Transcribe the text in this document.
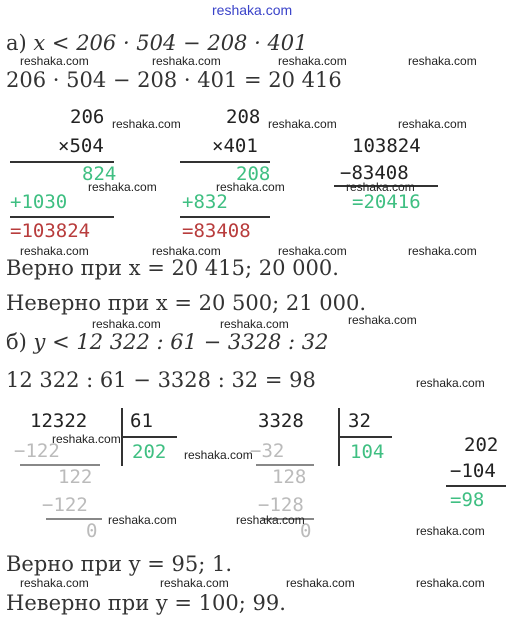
reshaka.com
а) x < 206 · 504 − 208 · 401
reshaka.com	reshaka.com	reshaka.com	reshaka.com
206 · 504 − 208 · 401 = 20 416
206
×504
824
+1030
=103824
reshaka.com
reshaka.com
208
×401
208
+832
=83408
reshaka.com
reshaka.com
103824
−83408
=20416
reshaka.com
reshaka.com
reshaka.com	reshaka.com	reshaka.com	reshaka.com
Верно при x = 20 415; 20 000.
Неверно при x = 20 500; 21 000.
reshaka.com	reshaka.com	reshaka.com
б) y < 12 322 : 61 − 3328 : 32
12 322 : 61 − 3328 : 32 = 98	reshaka.com
12322 61
202
−122
122
−122
0
reshaka.com
reshaka.com
reshaka.com
3328 32
104
−32
128
−128
0
reshaka.com
202
−104
=98
reshaka.com
Верно при y = 95; 1.
reshaka.com	reshaka.com	reshaka.com	reshaka.com
Неверно при y = 100; 99.
